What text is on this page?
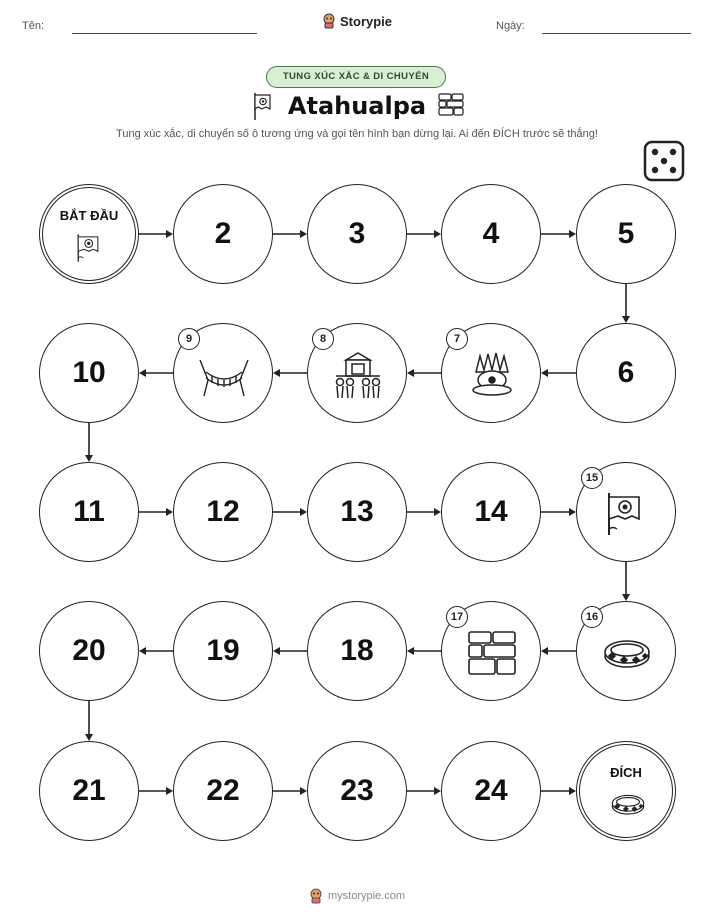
Tên:	Storypie	Ngày:
TUNG XÚC XẮC & DI CHUYỂN
Atahualpa
Tung xúc xắc, di chuyển số ô tương ứng và gọi tên hình bạn dừng lại. Ai đến ĐÍCH trước sẽ thắng!
BẮT ĐẦU
2	3	4	5
6
7
8
9
10
11	12	13	14
15
16
17
18
19
20
21	22	23	24
ĐÍCH
mystorypie.com
